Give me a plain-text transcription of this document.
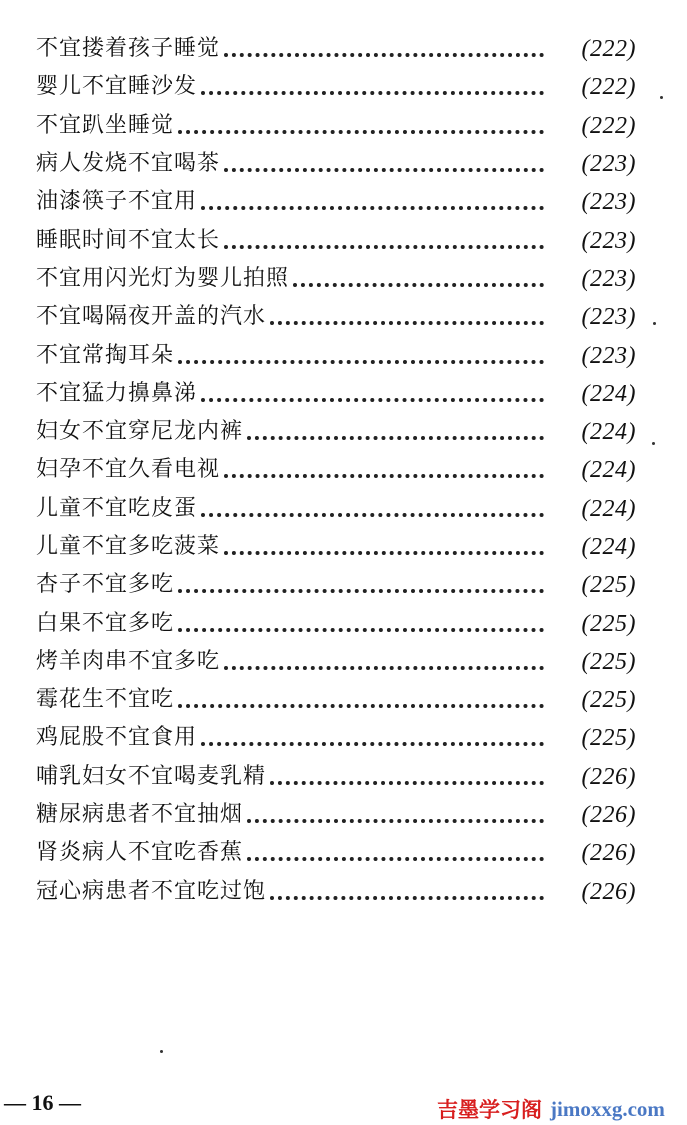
不宜搂着孩子睡觉	(222)
婴儿不宜睡沙发	(222)
不宜趴坐睡觉	(222)
病人发烧不宜喝茶	(223)
油漆筷子不宜用	(223)
睡眠时间不宜太长	(223)
不宜用闪光灯为婴儿拍照	(223)
不宜喝隔夜开盖的汽水	(223)
不宜常掏耳朵	(223)
不宜猛力擤鼻涕	(224)
妇女不宜穿尼龙内裤	(224)
妇孕不宜久看电视	(224)
儿童不宜吃皮蛋	(224)
儿童不宜多吃菠菜	(224)
杏子不宜多吃	(225)
白果不宜多吃	(225)
烤羊肉串不宜多吃	(225)
霉花生不宜吃	(225)
鸡屁股不宜食用	(225)
哺乳妇女不宜喝麦乳精	(226)
糖尿病患者不宜抽烟	(226)
肾炎病人不宜吃香蕉	(226)
冠心病患者不宜吃过饱	(226)
— 16 —	吉墨学习阁 jimoxxg.com
